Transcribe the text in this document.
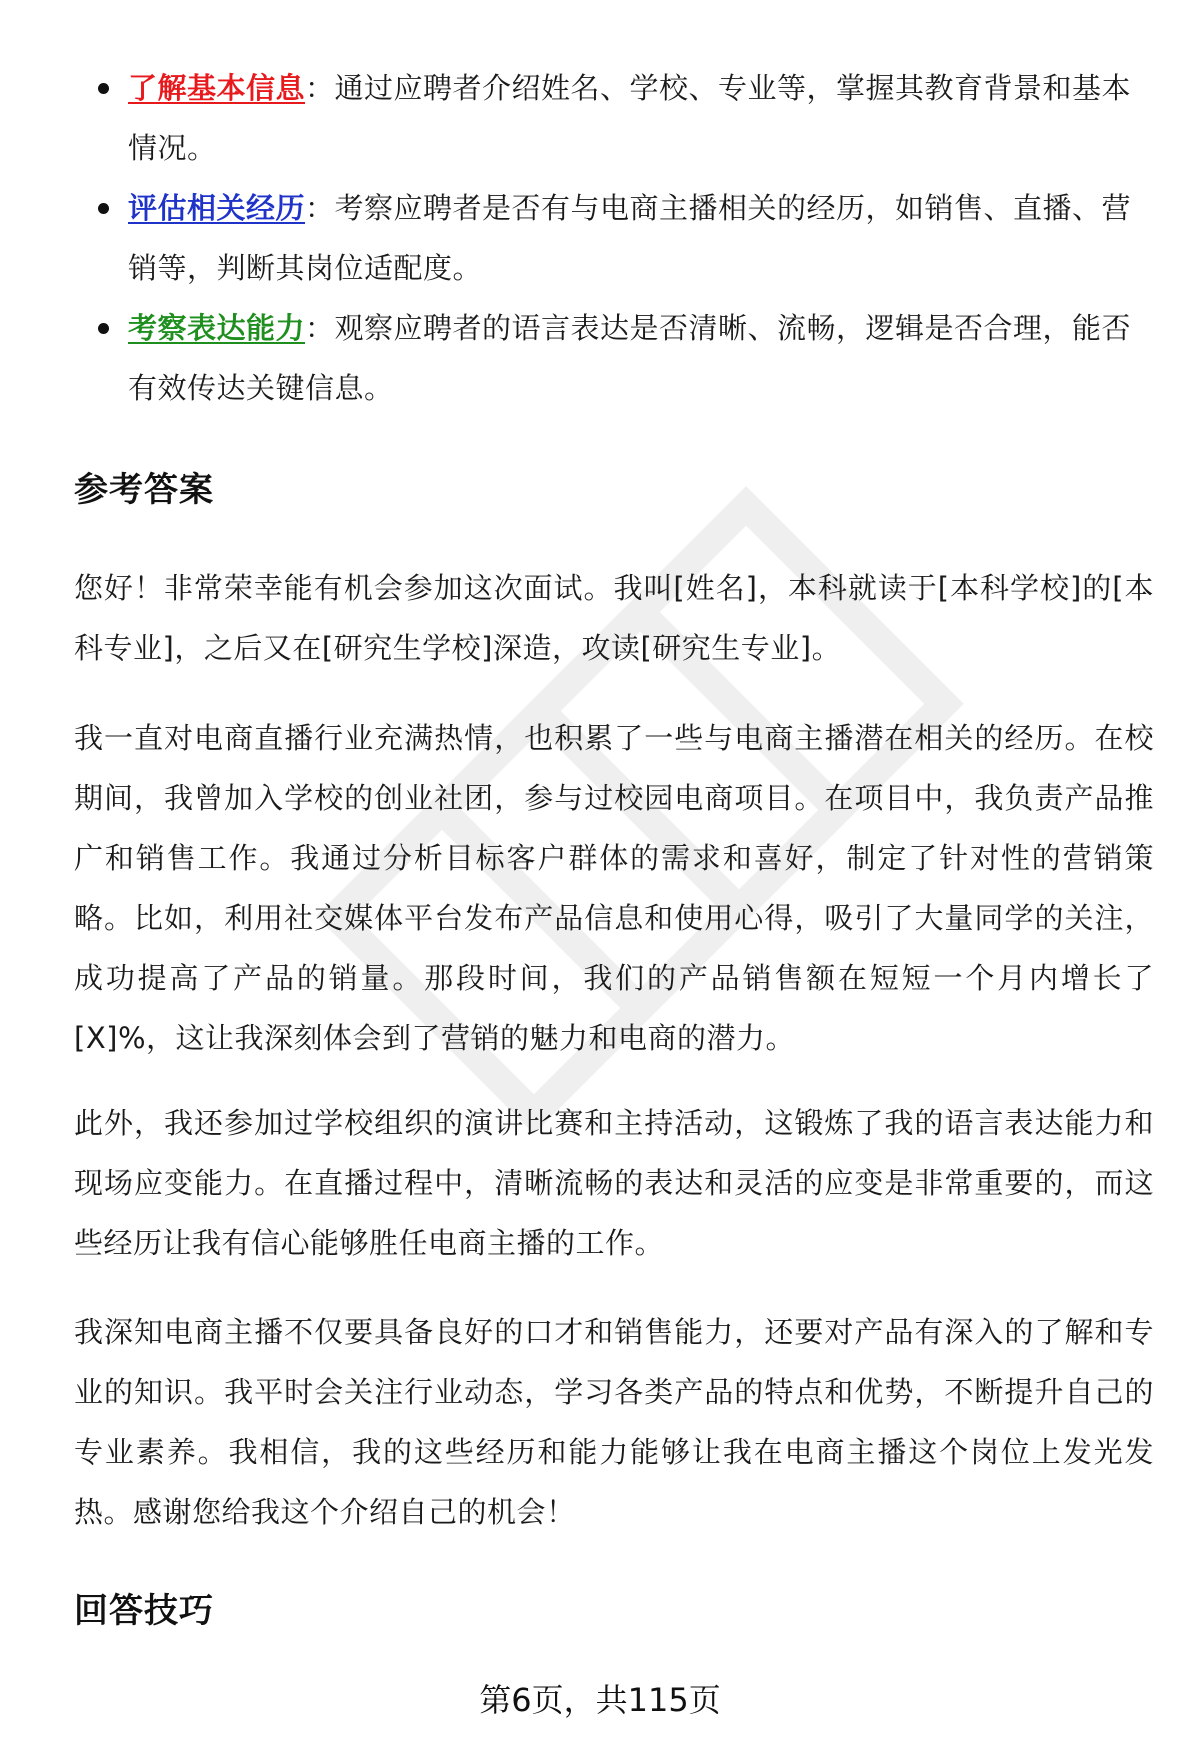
了解基本信息：通过应聘者介绍姓名、学校、专业等，掌握其教育背景和基本情况。
评估相关经历：考察应聘者是否有与电商主播相关的经历，如销售、直播、营销等，判断其岗位适配度。
考察表达能力：观察应聘者的语言表达是否清晰、流畅，逻辑是否合理，能否有效传达关键信息。
参考答案

您好！非常荣幸能有机会参加这次面试。我叫[姓名]，本科就读于[本科学校]的[本科专业]，之后又在[研究生学校]深造，攻读[研究生专业]。

我一直对电商直播行业充满热情，也积累了一些与电商主播潜在相关的经历。在校期间，我曾加入学校的创业社团，参与过校园电商项目。在项目中，我负责产品推广和销售工作。我通过分析目标客户群体的需求和喜好，制定了针对性的营销策略。比如，利用社交媒体平台发布产品信息和使用心得，吸引了大量同学的关注，成功提高了产品的销量。那段时间，我们的产品销售额在短短一个月内增长了[X]%，这让我深刻体会到了营销的魅力和电商的潜力。

此外，我还参加过学校组织的演讲比赛和主持活动，这锻炼了我的语言表达能力和现场应变能力。在直播过程中，清晰流畅的表达和灵活的应变是非常重要的，而这些经历让我有信心能够胜任电商主播的工作。

我深知电商主播不仅要具备良好的口才和销售能力，还要对产品有深入的了解和专业的知识。我平时会关注行业动态，学习各类产品的特点和优势，不断提升自己的专业素养。我相信，我的这些经历和能力能够让我在电商主播这个岗位上发光发热。感谢您给我这个介绍自己的机会！

回答技巧

第6页，共115页
